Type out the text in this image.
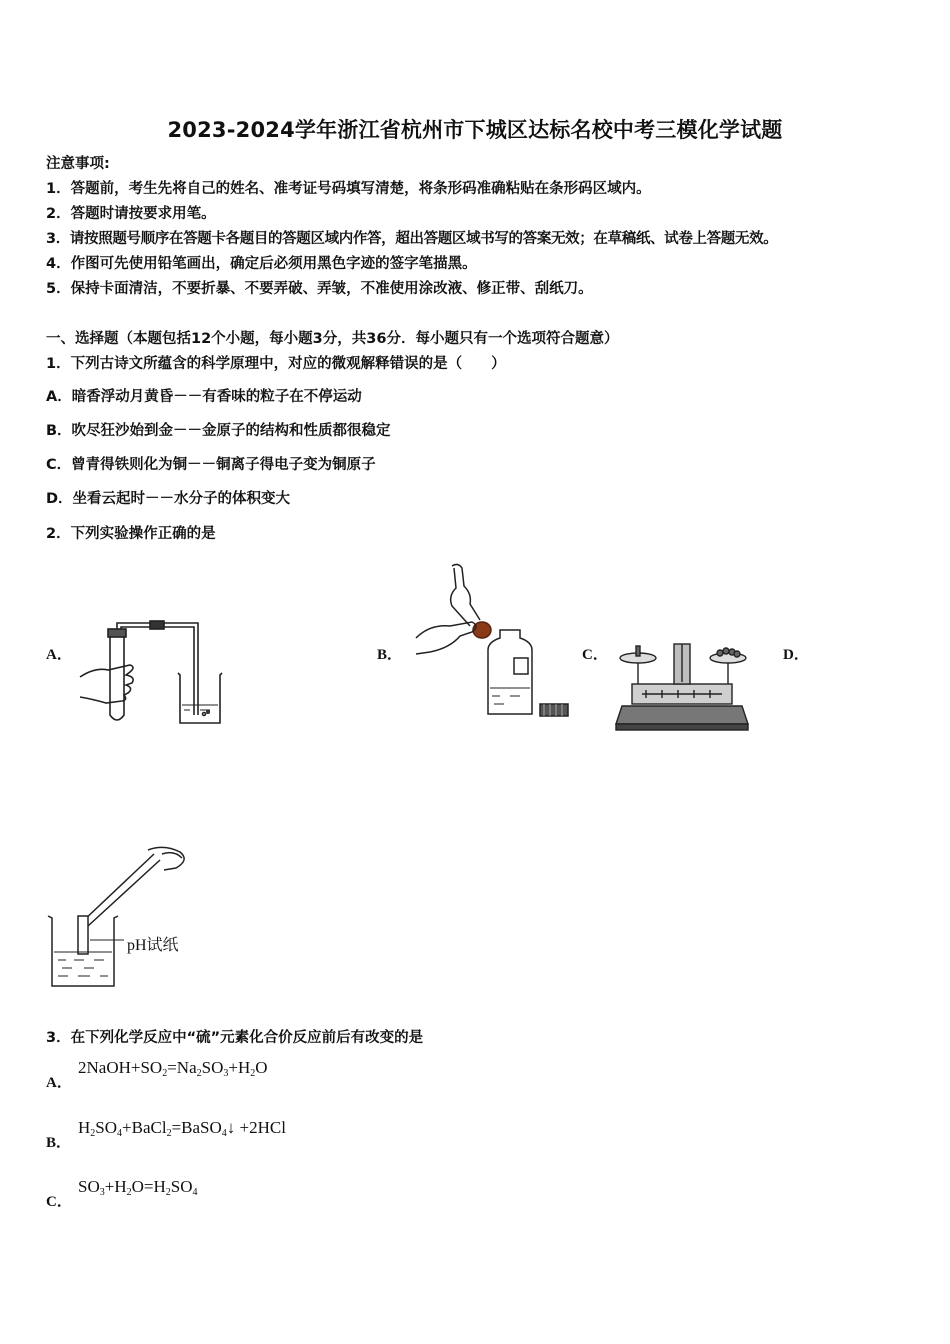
2023-2024学年浙江省杭州市下城区达标名校中考三模化学试题
注意事项:
1．答题前，考生先将自己的姓名、准考证号码填写清楚，将条形码准确粘贴在条形码区域内。
2．答题时请按要求用笔。
3．请按照题号顺序在答题卡各题目的答题区域内作答，超出答题区域书写的答案无效；在草稿纸、试卷上答题无效。
4．作图可先使用铅笔画出，确定后必须用黑色字迹的签字笔描黑。
5．保持卡面清洁，不要折暴、不要弄破、弄皱，不准使用涂改液、修正带、刮纸刀。
一、选择题（本题包括12个小题，每小题3分，共36分．每小题只有一个选项符合题意）
1．下列古诗文所蕴含的科学原理中，对应的微观解释错误的是（　　）
A．暗香浮动月黄昏－－有香味的粒子在不停运动
B．吹尽狂沙始到金－－金原子的结构和性质都很稳定
C．曾青得铁则化为铜－－铜离子得电子变为铜原子
D．坐看云起时－－水分子的体积变大
2．下列实验操作正确的是
A．	B．	C．	D．
pH试纸
3．在下列化学反应中“硫”元素化合价反应前后有改变的是
A．
$2NaOH+SO_2=Na_2SO_3+H_2O$
B．
$H_2SO_4+BaCl_2=BaSO_4↓ +2HCl$
C．
$SO_3+H_2O=H_2SO_4$
